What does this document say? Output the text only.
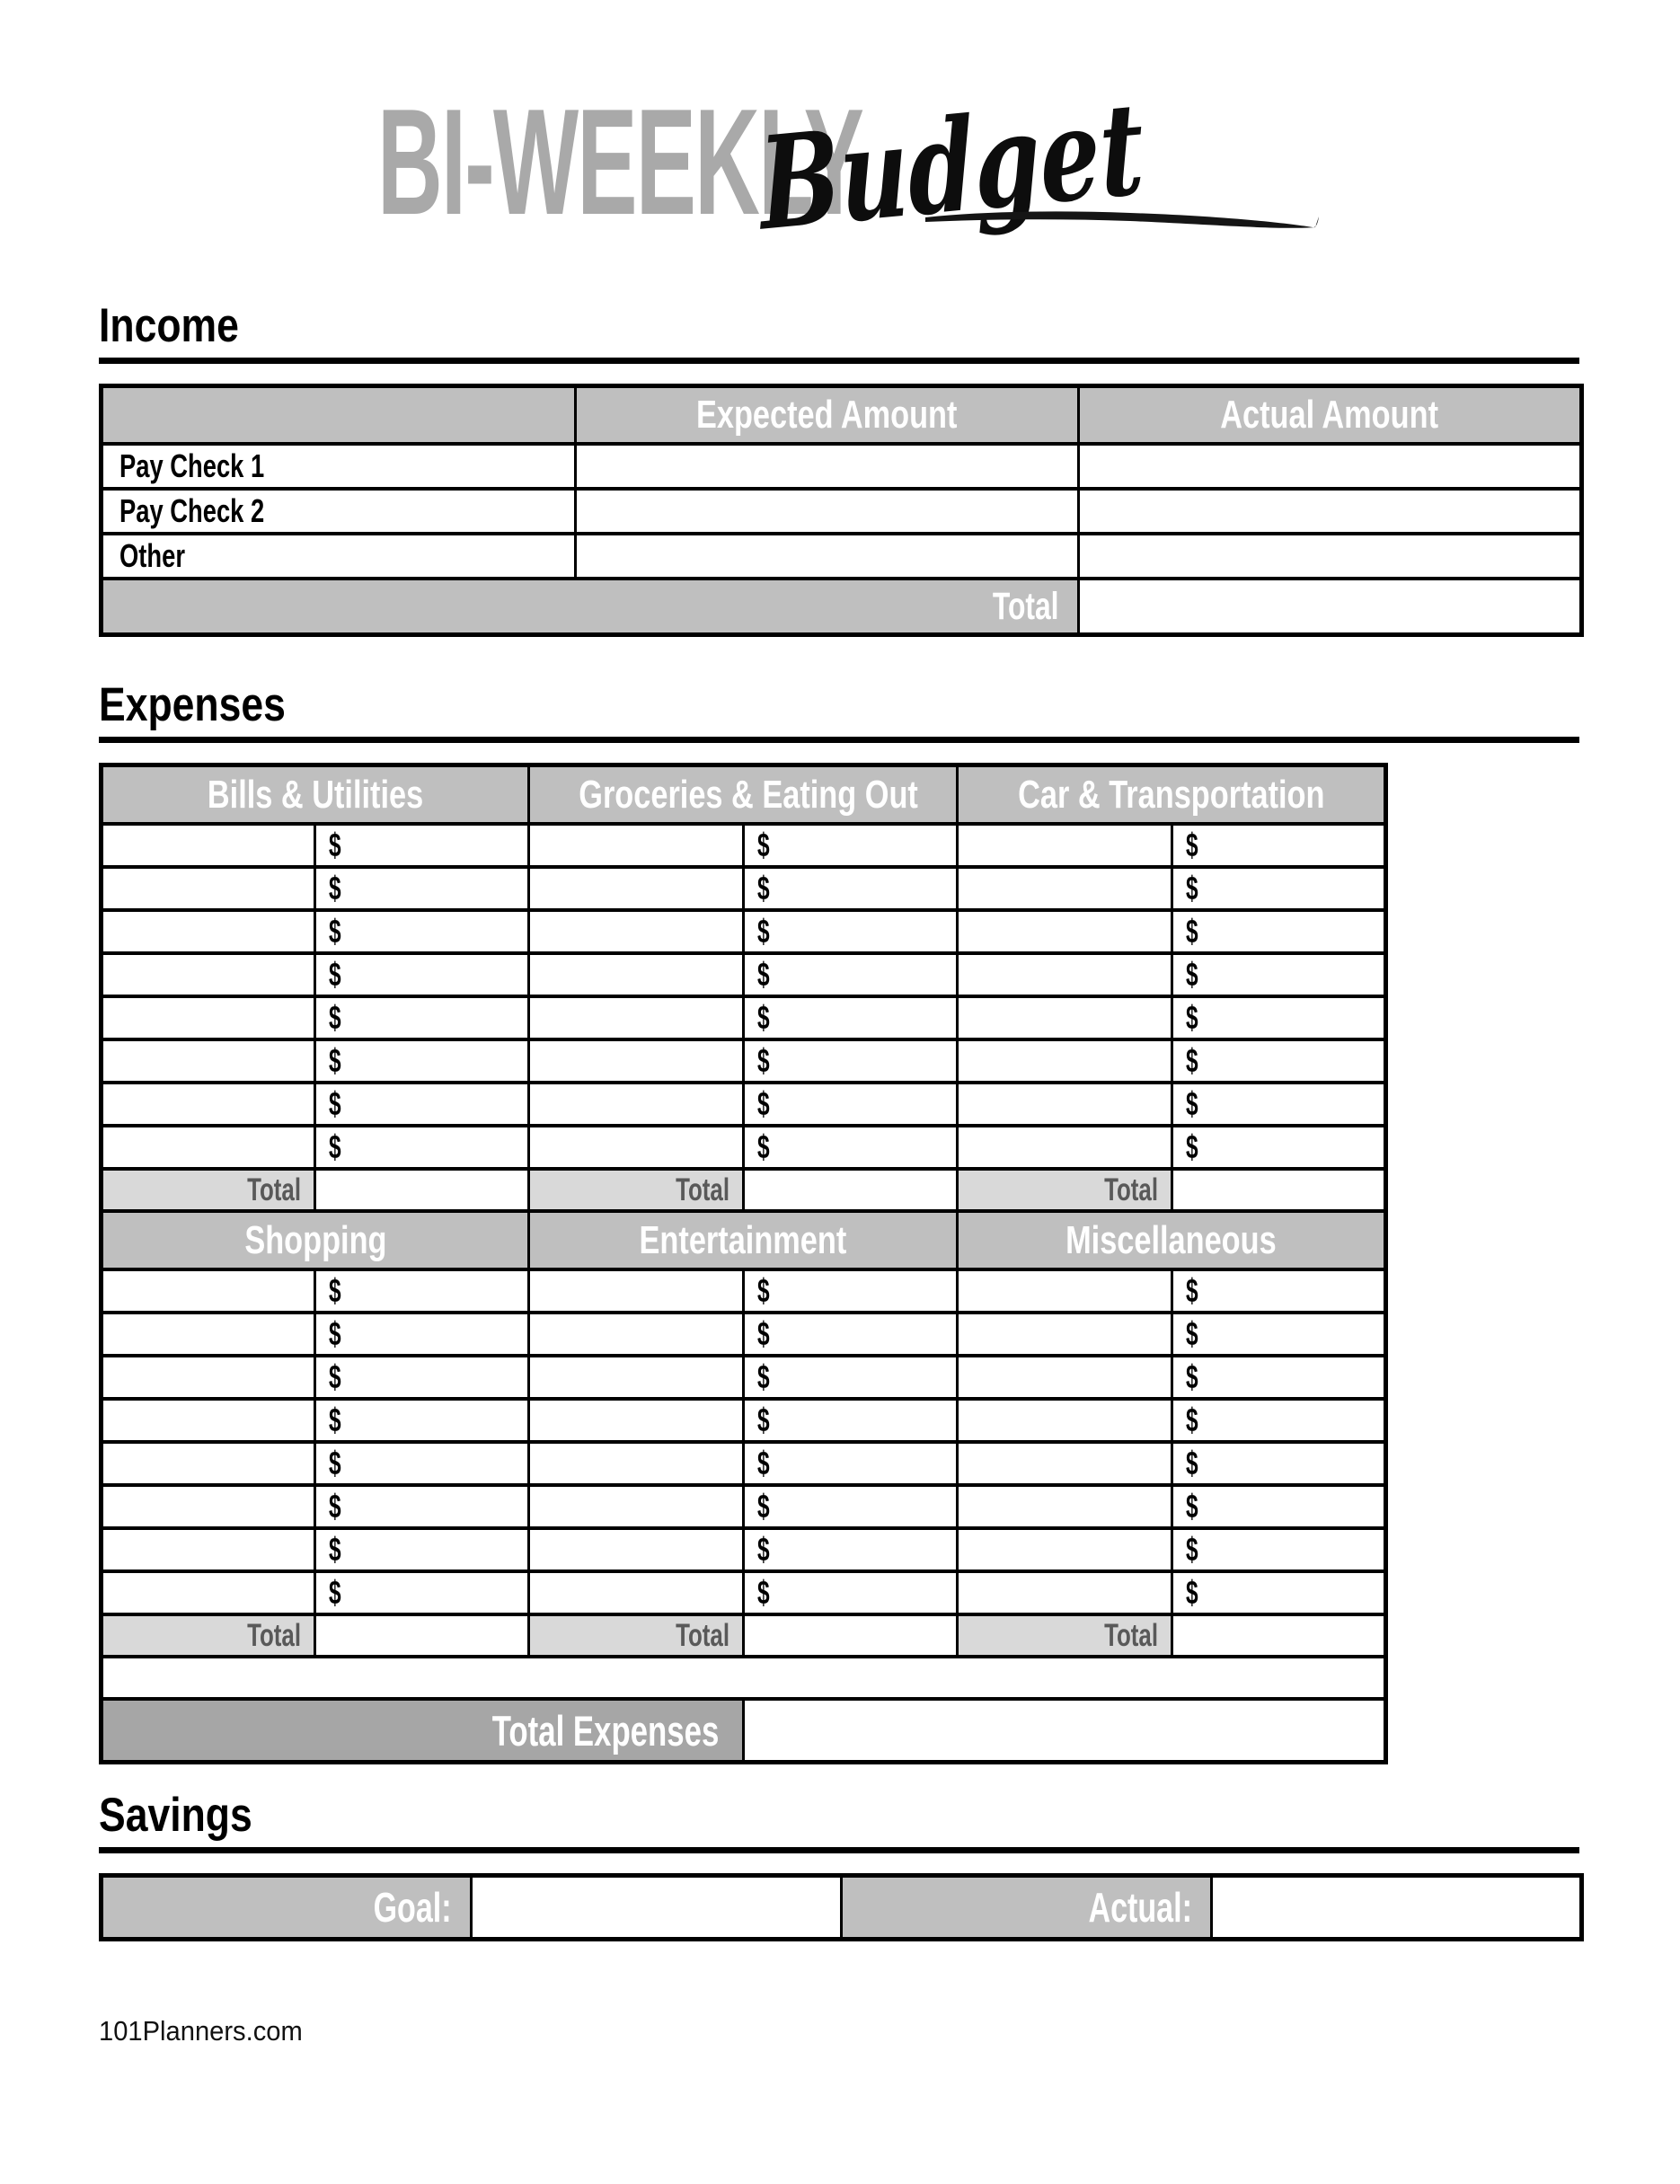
BI-WEEKLY
Budget
Income
	Expected Amount	Actual Amount
Pay Check 1		
Pay Check 2		
Other		
Total		
Expenses
Bills & Utilities		Groceries & Eating Out		Car & Transportation	
	$		$		$
	$		$		$
	$		$		$
	$		$		$
	$		$		$
	$		$		$
	$		$		$
	$		$		$
Total		Total		Total	
Shopping		Entertainment		Miscellaneous	
	$		$		$
	$		$		$
	$		$		$
	$		$		$
	$		$		$
	$		$		$
	$		$		$
	$		$		$
Total		Total		Total	

Total Expenses					
Savings
Goal:		Actual:	
101Planners.com
